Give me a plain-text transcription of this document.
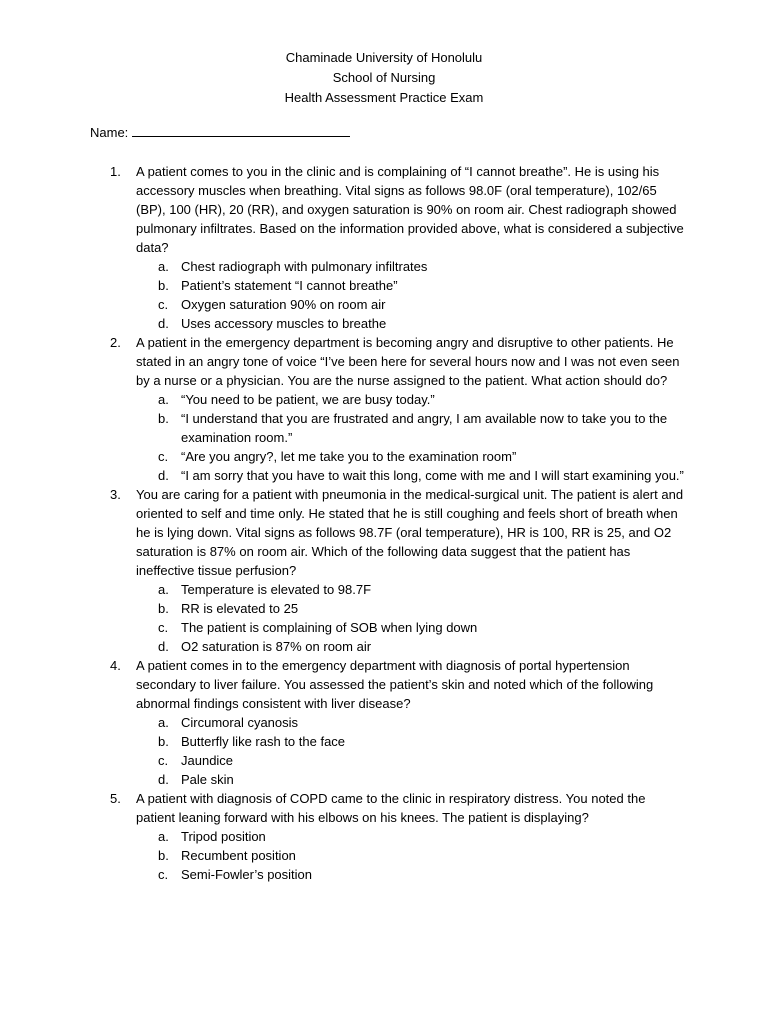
Chaminade University of Honolulu
School of Nursing
Health Assessment Practice Exam
Name:
1. A patient comes to you in the clinic and is complaining of “I cannot breathe”. He is using his accessory muscles when breathing. Vital signs as follows 98.0F (oral temperature), 102/65 (BP), 100 (HR), 20 (RR), and oxygen saturation is 90% on room air. Chest radiograph showed pulmonary infiltrates. Based on the information provided above, what is considered a subjective data?
a. Chest radiograph with pulmonary infiltrates
b. Patient’s statement “I cannot breathe”
c. Oxygen saturation 90% on room air
d. Uses accessory muscles to breathe
2. A patient in the emergency department is becoming angry and disruptive to other patients. He stated in an angry tone of voice “I’ve been here for several hours now and I was not even seen by a nurse or a physician. You are the nurse assigned to the patient. What action should do?
a. “You need to be patient, we are busy today.”
b. “I understand that you are frustrated and angry, I am available now to take you to the examination room.”
c. “Are you angry?, let me take you to the examination room”
d. “I am sorry that you have to wait this long, come with me and I will start examining you.”
3. You are caring for a patient with pneumonia in the medical-surgical unit. The patient is alert and oriented to self and time only. He stated that he is still coughing and feels short of breath when he is lying down. Vital signs as follows 98.7F (oral temperature), HR is 100, RR is 25, and O2 saturation is 87% on room air. Which of the following data suggest that the patient has ineffective tissue perfusion?
a. Temperature is elevated to 98.7F
b. RR is elevated to 25
c. The patient is complaining of SOB when lying down
d. O2 saturation is 87% on room air
4. A patient comes in to the emergency department with diagnosis of portal hypertension secondary to liver failure. You assessed the patient’s skin and noted which of the following abnormal findings consistent with liver disease?
a. Circumoral cyanosis
b. Butterfly like rash to the face
c. Jaundice
d. Pale skin
5. A patient with diagnosis of COPD came to the clinic in respiratory distress. You noted the patient leaning forward with his elbows on his knees. The patient is displaying?
a. Tripod position
b. Recumbent position
c. Semi-Fowler’s position
